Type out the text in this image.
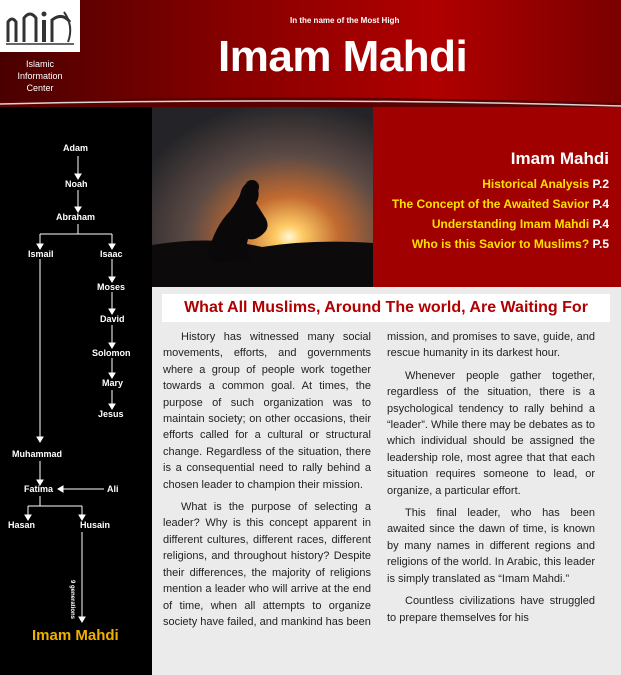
Islamic
Information
Center
In the name of the Most High
Imam Mahdi
Adam
Noah
Abraham
Ismail	Isaac
Moses
David
Solomon
Mary
Jesus
Muhammad
Fatima	Ali
Hasan	Husain
9 generations
Imam Mahdi
Imam Mahdi
Historical Analysis P.2
The Concept of the Awaited Savior P.4
Understanding Imam Mahdi P.4
Who is this Savior to Muslims? P.5
What All Muslims, Around The world, Are Waiting For

History has witnessed many social movements, efforts, and governments where a group of people work together towards a common goal. At times, the purpose of such organization was to maintain society; on other occasions, their efforts called for a cultural or structural change. Regardless of the situation, there is a consequential need to rally behind a chosen leader to champion their mission.

What is the purpose of selecting a leader? Why is this concept apparent in different cultures, different races, different religions, and throughout history? Despite their differences, the majority of religions mention a leader who will arrive at the end of time, when all attempts to organize society have failed, and mankind has been

mission, and promises to save, guide, and rescue humanity in its darkest hour.

Whenever people gather together, regardless of the situation, there is a psychological tendency to rally behind a “leader”. While there may be debates as to which individual should be assigned the leadership role, most agree that that each situation requires someone to lead, or organize, a particular effort.

This final leader, who has been awaited since the dawn of time, is known by many names in different regions and religions of the world. In Arabic, this leader is simply translated as “Imam Mahdi.”

Countless civilizations have struggled to prepare themselves for his
